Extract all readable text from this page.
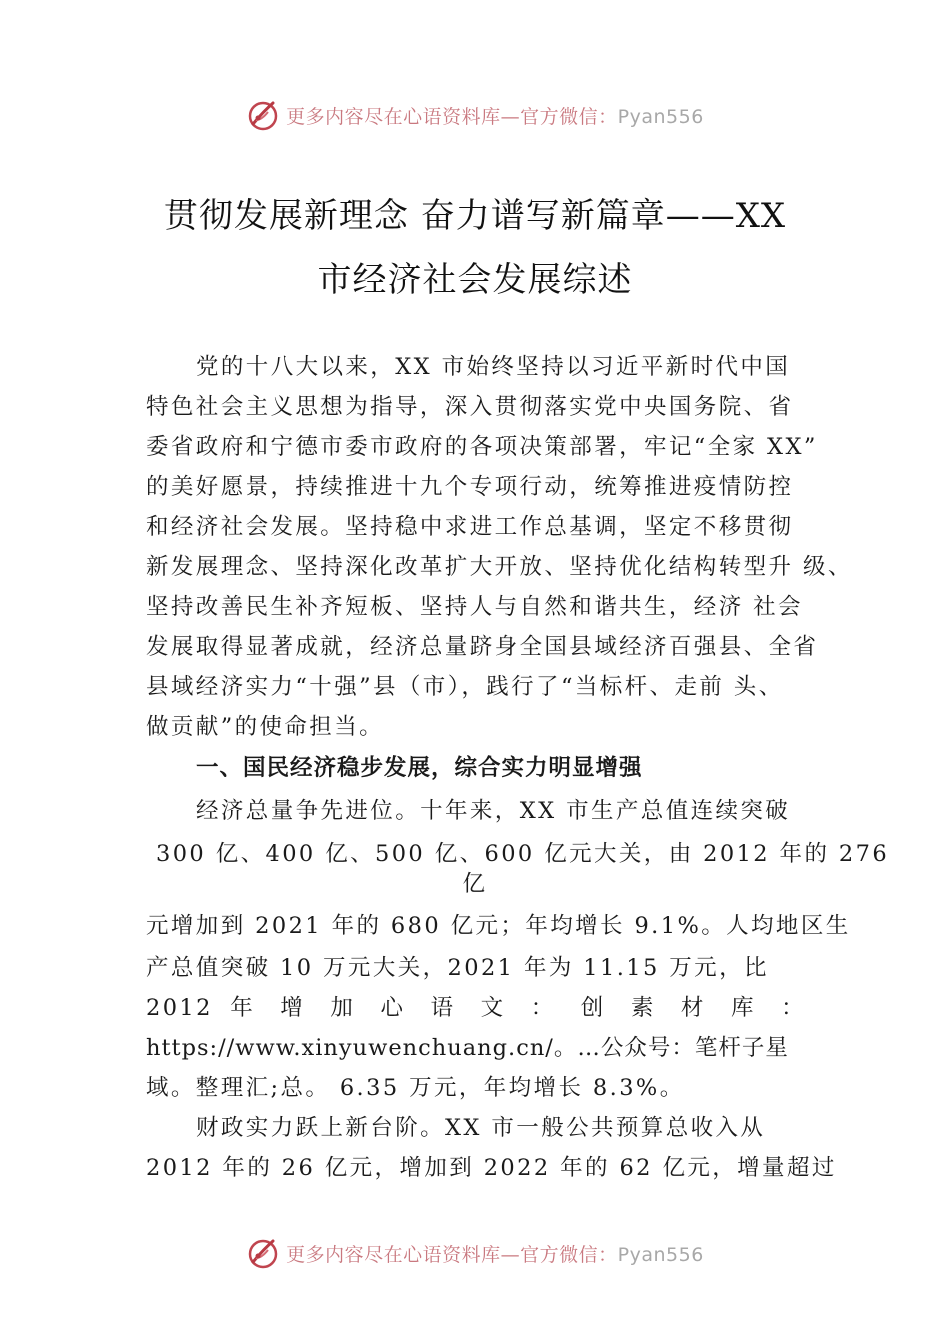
更多内容尽在心语资料库—官方微信：Pyan556
贯彻发展新理念 奋力谱写新篇章——XX
市经济社会发展综述
党的十八大以来，XX 市始终坚持以习近平新时代中国
特色社会主义思想为指导，深入贯彻落实党中央国务院、省
委省政府和宁德市委市政府的各项决策部署，牢记“全家 XX”
的美好愿景，持续推进十九个专项行动，统筹推进疫情防控
和经济社会发展。坚持稳中求进工作总基调，坚定不移贯彻
新发展理念、坚持深化改革扩大开放、坚持优化结构转型升 级、
坚持改善民生补齐短板、坚持人与自然和谐共生，经济 社会
发展取得显著成就，经济总量跻身全国县域经济百强县、全省
县域经济实力“十强”县（市），践行了“当标杆、走前 头、
做贡献”的使命担当。
一、国民经济稳步发展，综合实力明显增强
经济总量争先进位。十年来，XX 市生产总值连续突破
300 亿、400 亿、500 亿、600 亿元大关，由 2012 年的 276
亿
元增加到 2021 年的 680 亿元；年均增长 9.1%。人均地区生
产总值突破 10 万元大关，2021 年为 11.15 万元，比
2012 年 增 加 心 语 文 ： 创 素 材 库 ：
https://www.xinyuwenchuang.cn/。…公众号：笔杆子星
域。整理汇;总。 6.35 万元，年均增长 8.3%。
财政实力跃上新台阶。XX 市一般公共预算总收入从
2012 年的 26 亿元，增加到 2022 年的 62 亿元，增量超过
更多内容尽在心语资料库—官方微信：Pyan556
